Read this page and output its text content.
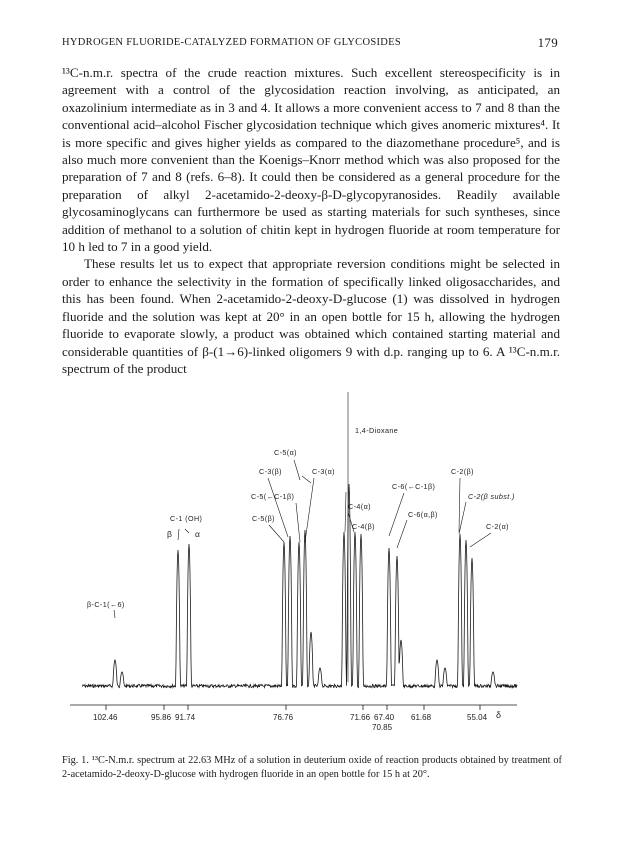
HYDROGEN FLUORIDE-CATALYZED FORMATION OF GLYCOSIDES	179

¹³C-n.m.r. spectra of the crude reaction mixtures. Such excellent stereospecificity is in agreement with a control of the glycosidation reaction involving, as anticipated, an oxazolinium intermediate as in 3 and 4. It allows a more convenient access to 7 and 8 than the conventional acid–alcohol Fischer glycosidation technique which gives anomeric mixtures⁴. It is more specific and gives higher yields as compared to the diazomethane procedure⁵, and is also much more convenient than the Koenigs–Knorr method which was also proposed for the preparation of 7 and 8 (refs. 6–8). It could then be considered as a general procedure for the preparation of alkyl 2-acetamido-2-deoxy-β-D-glycopyranosides. Readily available glycosaminoglycans can furthermore be used as starting materials for such syntheses, since addition of methanol to a solution of chitin kept in hydrogen fluoride at room temperature for 10 h led to 7 in a good yield.

These results let us to expect that appropriate reversion conditions might be selected in order to enhance the selectivity in the formation of specifically linked oligosaccharides, and this has been found. When 2-acetamido-2-deoxy-D-glucose (1) was dissolved in hydrogen fluoride and the solution was kept at 20° in an open bottle for 15 h, allowing the hydrogen fluoride to evaporate slowly, a product was obtained which contained starting material and considerable quantities of β-(1→6)-linked oligomers 9 with d.p. ranging up to 6. A ¹³C-n.m.r. spectrum of the product

1,4-Dioxane
C-5(α)
C-3(β)	C-3(α)	C-2(β)
C-6(←C-1β)
C-5(←C-1β)	C-2(β subst.)
C-4(α)
C-6(α,β)
C-1 (OH)	C-5(β)
C-2(α)
C-4(β)
β	α
β-C-1(←6)
102.46	95.86 91.74	76.76	71.66 67.40 61.68	55.04
70.85
δ
Fig. 1. ¹³C-N.m.r. spectrum at 22.63 MHz of a solution in deuterium oxide of reaction products obtained by treatment of 2-acetamido-2-deoxy-D-glucose with hydrogen fluoride in an open bottle for 15 h at 20°.
